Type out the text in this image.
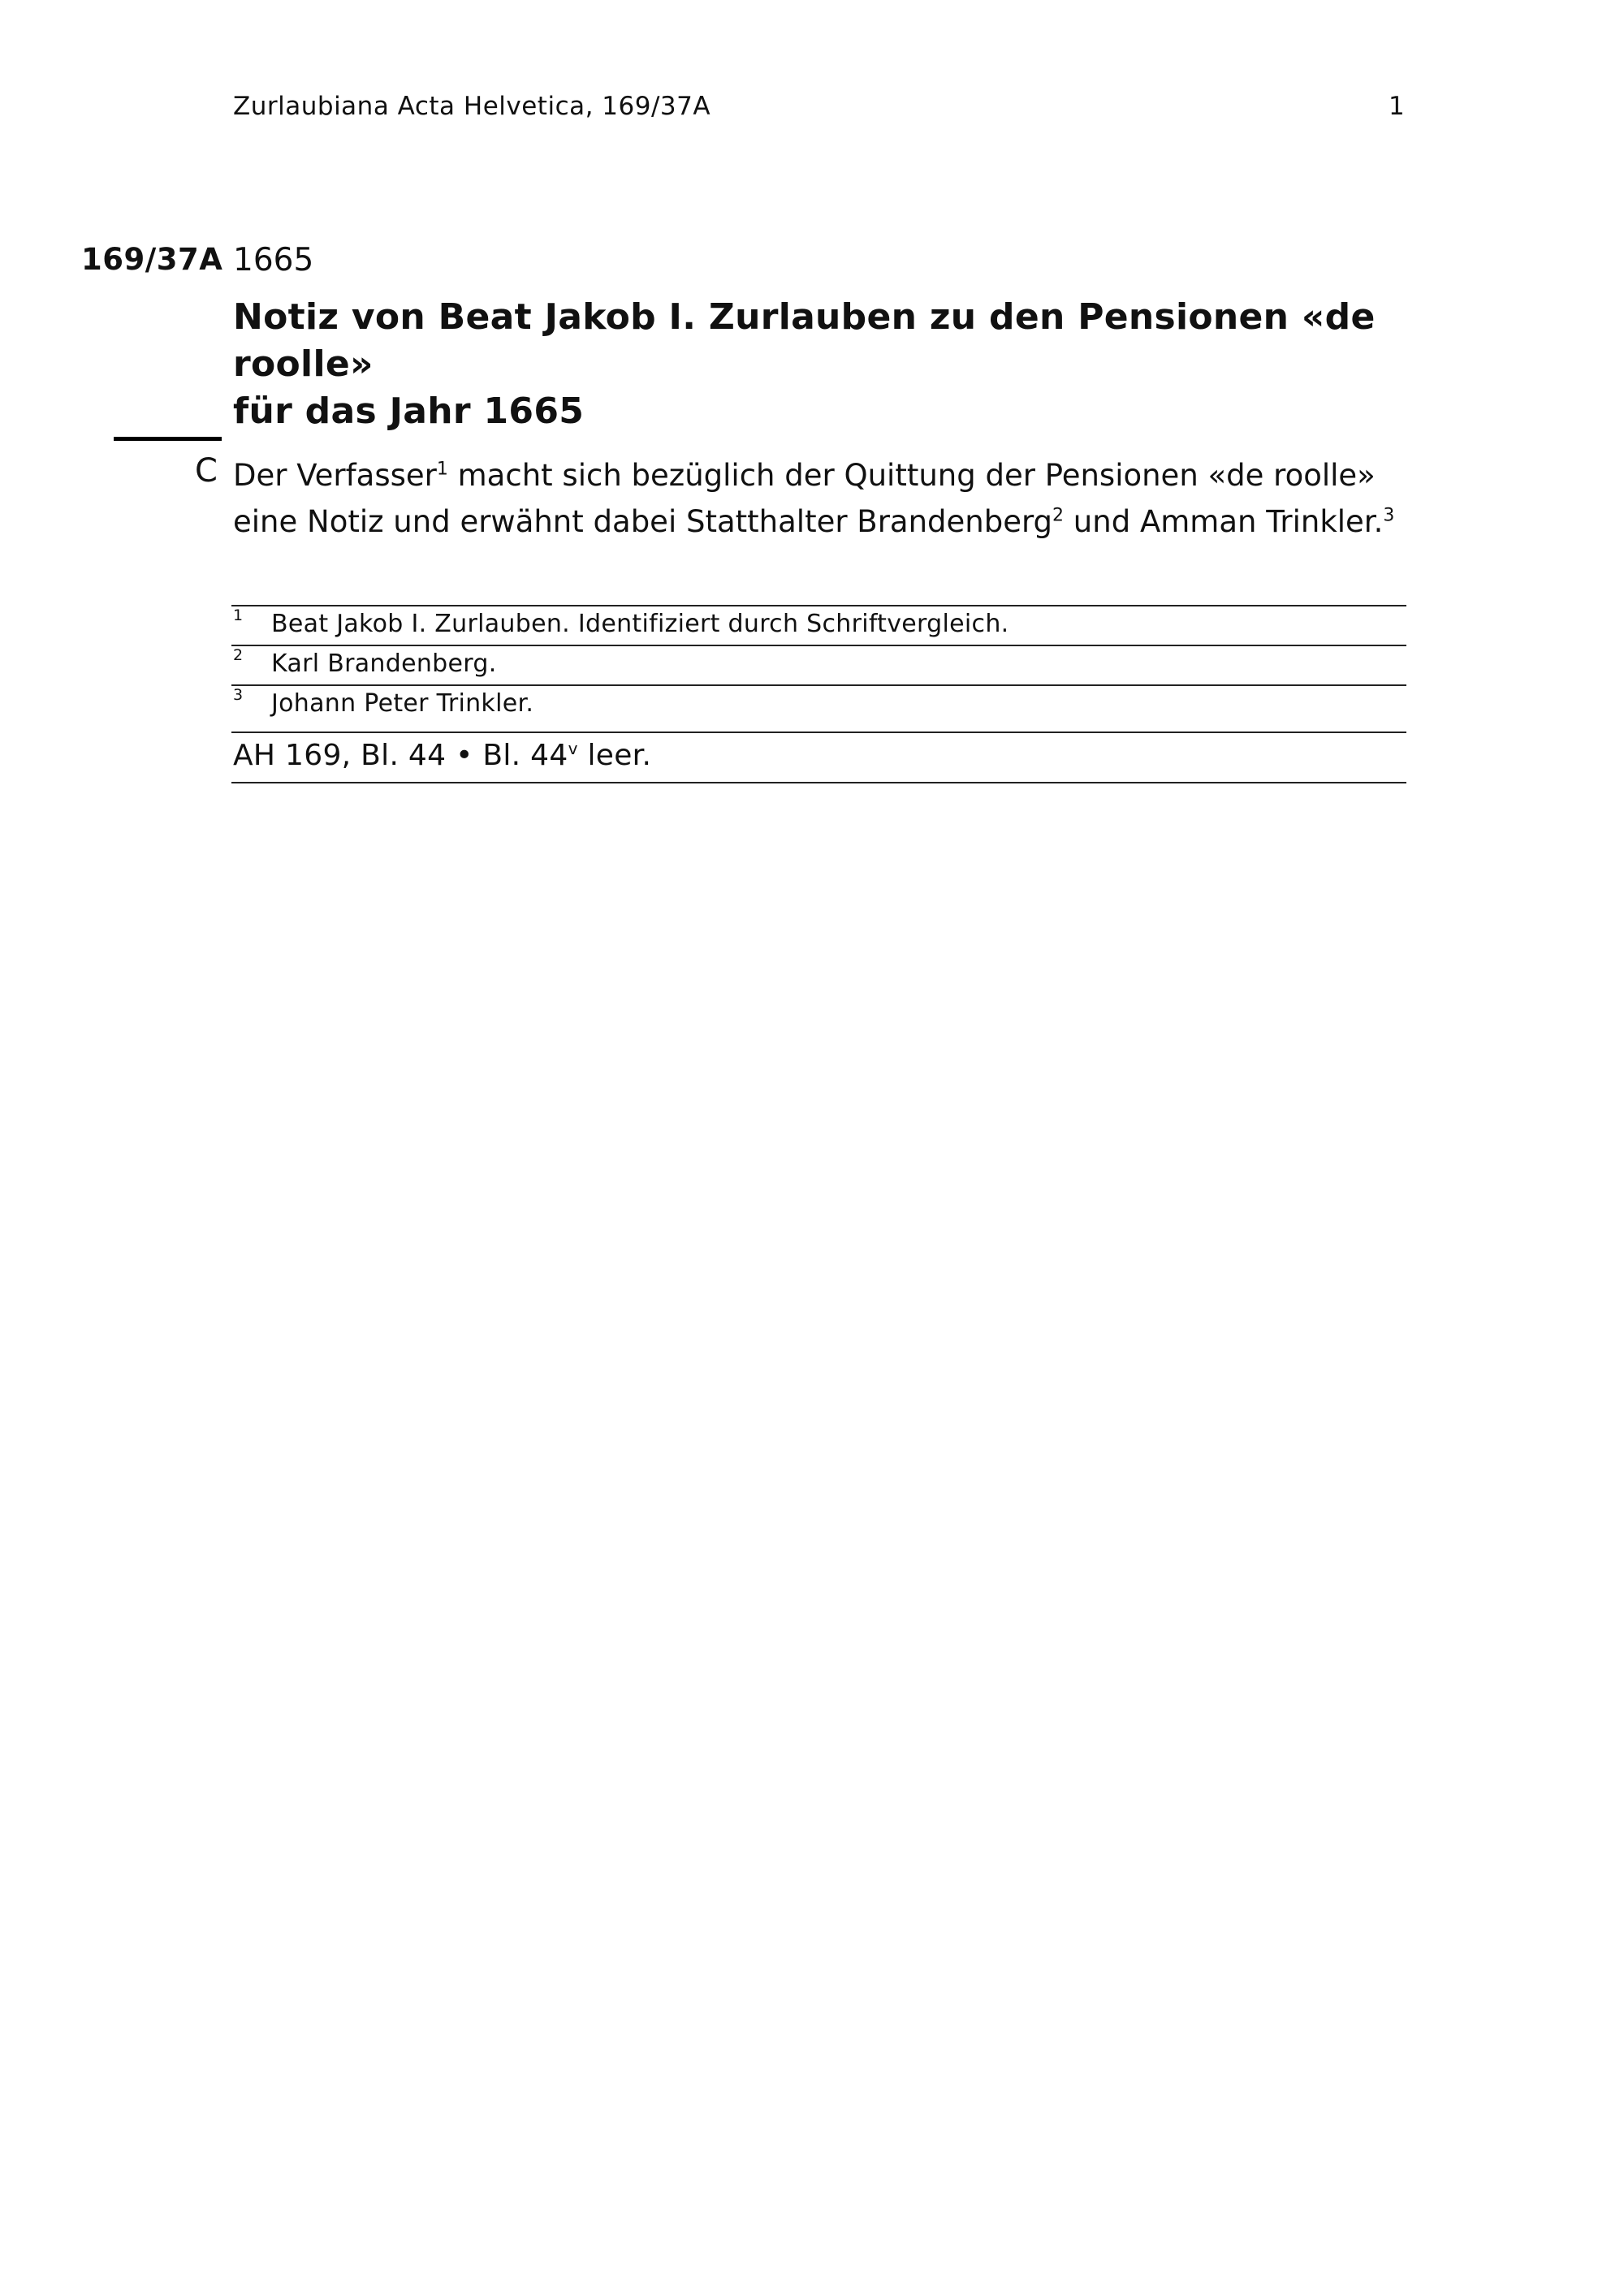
Zurlaubiana Acta Helvetica, 169/37A	1
169/37A 1665
Notiz von Beat Jakob I. Zurlauben zu den Pensionen «de roolle»
für das Jahr 1665
C Der Verfasser$^1$ macht sich bezüglich der Quittung der Pensionen «de roolle»
eine Notiz und erwähnt dabei Statthalter Brandenberg$^2$ und Amman Trinkler.$^3$
1 Beat Jakob I. Zurlauben. Identifiziert durch Schriftvergleich.
2 Karl Brandenberg.
3 Johann Peter Trinkler.
AH 169, Bl. 44 • Bl. 44$^v$ leer.
